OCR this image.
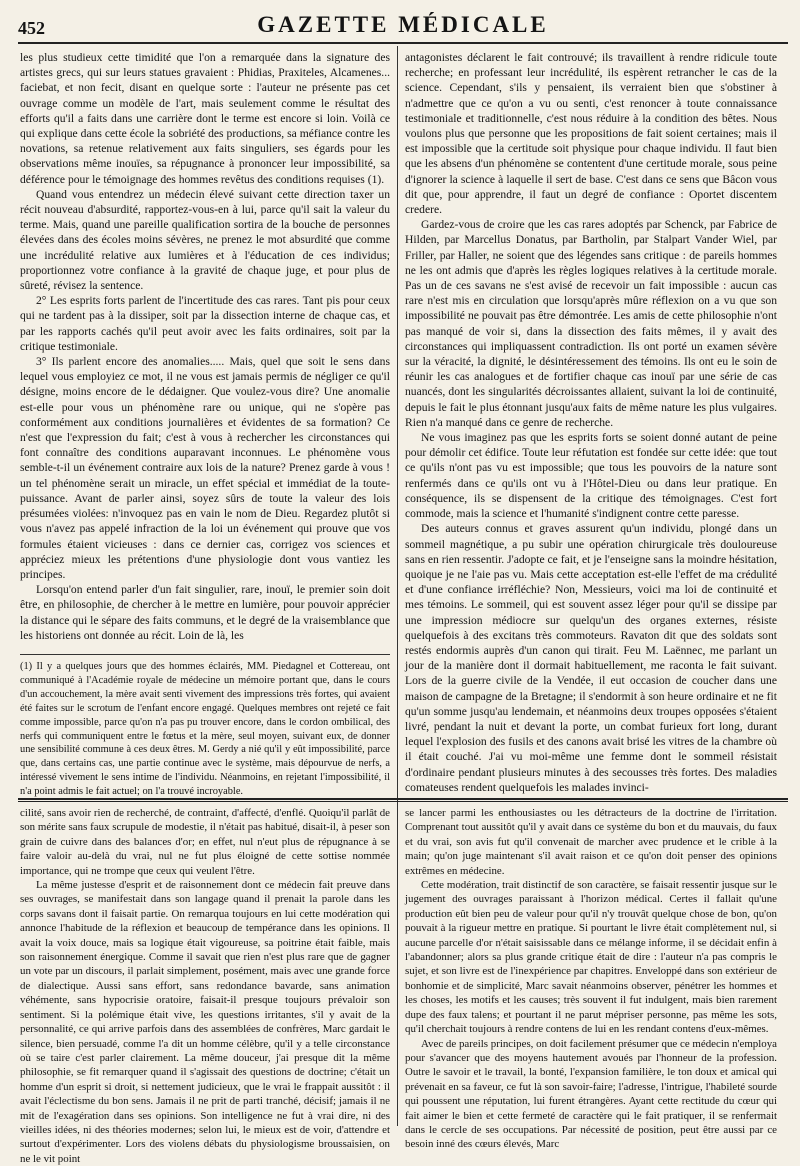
452	GAZETTE MÉDICALE

les plus studieux cette timidité que l'on a remarquée dans la signature des artistes grecs, qui sur leurs statues gravaient : Phidias, Praxiteles, Alcamenes... faciebat, et non fecit, disant en quelque sorte : l'auteur ne présente pas cet ouvrage comme un modèle de l'art, mais seulement comme le résultat des efforts qu'il a faits dans une carrière dont le terme est encore si loin. Voilà ce qui explique dans cette école la sobriété des productions, sa méfiance contre les novations, sa retenue relativement aux faits singuliers, ses égards pour les observations même inouïes, sa répugnance à prononcer leur impossibilité, sa déférence pour le témoignage des hommes revêtus des conditions requises (1).

Quand vous entendrez un médecin élevé suivant cette direction taxer un récit nouveau d'absurdité, rapportez-vous-en à lui, parce qu'il sait la valeur du terme. Mais, quand une pareille qualification sortira de la bouche de personnes élevées dans des écoles moins sévères, ne prenez le mot absurdité que comme une incrédulité relative aux lumières et à l'éducation de ces individus; proportionnez votre confiance à la gravité de chaque juge, et pour plus de sûreté, révisez la sentence.

2° Les esprits forts parlent de l'incertitude des cas rares. Tant pis pour ceux qui ne tardent pas à la dissiper, soit par la dissection interne de chaque cas, et par les rapports cachés qu'il peut avoir avec les faits ordinaires, soit par la critique testimoniale.

3° Ils parlent encore des anomalies..... Mais, quel que soit le sens dans lequel vous employiez ce mot, il ne vous est jamais permis de négliger ce qu'il désigne, moins encore de le dédaigner. Que voulez-vous dire? Une anomalie est-elle pour vous un phénomène rare ou unique, qui ne s'opère pas conformément aux conditions journalières et évidentes de sa formation? Ce n'est que l'expression du fait; c'est à vous à rechercher les circonstances qui font connaître des conditions auparavant inconnues. Le phénomène vous semble-t-il un événement contraire aux lois de la nature? Prenez garde à vous ! un tel phénomène serait un miracle, un effet spécial et immédiat de la toute-puissance. Avant de parler ainsi, soyez sûrs de toute la valeur des lois présumées violées: n'invoquez pas en vain le nom de Dieu. Regardez plutôt si vous n'avez pas appelé infraction de la loi un événement qui prouve que vos formules étaient vicieuses : dans ce dernier cas, corrigez vos sciences et appréciez mieux les prétentions d'une physiologie dont vous vantiez les principes.

Lorsqu'on entend parler d'un fait singulier, rare, inouï, le premier soin doit être, en philosophie, de chercher à le mettre en lumière, pour pouvoir apprécier la distance qui le sépare des faits communs, et le degré de la vraisemblance que les historiens ont donnée au récit. Loin de là, les

(1) Il y a quelques jours que des hommes éclairés, MM. Piedagnel et Cottereau, ont communiqué à l'Académie royale de médecine un mémoire portant que, dans le cours d'un accouchement, la mère avait senti vivement des impressions très fortes, qui avaient été faites sur le scrotum de l'enfant encore engagé. Quelques membres ont rejeté ce fait comme impossible, parce qu'on n'a pas pu trouver encore, dans le cordon ombilical, des nerfs qui communiquent entre le fœtus et la mère, seul moyen, suivant eux, de donner une sensibilité commune à ces deux êtres. M. Gerdy a nié qu'il y eût impossibilité, parce que, dans certains cas, une partie continue avec le système, mais dépourvue de nerfs, a intéressé vivement le sens intime de l'individu. Néanmoins, en rejetant l'impossibilité, il n'a point admis le fait actuel; on l'a trouvé incroyable.

antagonistes déclarent le fait controuvé; ils travaillent à rendre ridicule toute recherche; en professant leur incrédulité, ils espèrent retrancher le cas de la science. Cependant, s'ils y pensaient, ils verraient bien que s'obstiner à n'admettre que ce qu'on a vu ou senti, c'est renoncer à toute connaissance testimoniale et traditionnelle, c'est nous réduire à la condition des bêtes. Nous voulons plus que personne que les propositions de fait soient certaines; mais il est impossible que la certitude soit physique pour chaque individu. Il faut bien que les absens d'un phénomène se contentent d'une certitude morale, sous peine d'ignorer la science à laquelle il sert de base. C'est dans ce sens que Bâcon vous dit que, pour apprendre, il faut un degré de confiance : Oportet discentem credere.

Gardez-vous de croire que les cas rares adoptés par Schenck, par Fabrice de Hilden, par Marcellus Donatus, par Bartholin, par Stalpart Vander Wiel, par Friller, par Haller, ne soient que des légendes sans critique : de pareils hommes ne les ont admis que d'après les règles logiques relatives à la certitude morale. Pas un de ces savans ne s'est avisé de recevoir un fait impossible : aucun cas rare n'est mis en circulation que lorsqu'après mûre réflexion on a vu que son impossibilité ne pouvait pas être démontrée. Les amis de cette philosophie n'ont pas manqué de voir si, dans la dissection des faits mêmes, il y avait des circonstances qui impliquassent contradiction. Ils ont porté un examen sévère sur la véracité, la dignité, le désintéressement des témoins. Ils ont eu le soin de réunir les cas analogues et de fortifier chaque cas inouï par une série de cas nuancés, dont les singularités décroissantes allaient, suivant la loi de continuité, depuis le fait le plus étonnant jusqu'aux faits de même nature les plus vulgaires. Rien n'a manqué dans ce genre de recherche.

Ne vous imaginez pas que les esprits forts se soient donné autant de peine pour démolir cet édifice. Toute leur réfutation est fondée sur cette idée: que tout ce qu'ils n'ont pas vu est impossible; que tous les pouvoirs de la nature sont renfermés dans ce qu'ils ont vu à l'Hôtel-Dieu ou dans leur pratique. En conséquence, ils se dispensent de la critique des témoignages. C'est fort commode, mais la science et l'humanité s'indignent contre cette paresse.

Des auteurs connus et graves assurent qu'un individu, plongé dans un sommeil magnétique, a pu subir une opération chirurgicale très douloureuse sans en rien ressentir. J'adopte ce fait, et je l'enseigne sans la moindre hésitation, quoique je ne l'aie pas vu. Mais cette acceptation est-elle l'effet de ma crédulité et d'une confiance irréfléchie? Non, Messieurs, voici ma loi de continuité et mes témoins. Le sommeil, qui est souvent assez léger pour qu'il se dissipe par une impression médiocre sur quelqu'un des organes externes, résiste quelquefois à des excitans très commoteurs. Ravaton dit que des soldats sont restés endormis auprès d'un canon qui tirait. Feu M. Laënnec, me parlant un jour de la manière dont il dormait habituellement, me raconta le fait suivant. Lors de la guerre civile de la Vendée, il eut occasion de coucher dans une maison de campagne de la Bretagne; il s'endormit à son heure ordinaire et ne fit qu'un somme jusqu'au lendemain, et néanmoins deux troupes opposées s'étaient livré, pendant la nuit et devant la porte, un combat furieux fort long, durant lequel l'explosion des fusils et des canons avait brisé les vitres de la chambre où il était couché. J'ai vu moi-même une femme dont le sommeil résistait d'ordinaire pendant plusieurs minutes à des secousses très fortes. Des maladies comateuses rendent quelquefois les malades invinci-

cilité, sans avoir rien de recherché, de contraint, d'affecté, d'enflé. Quoiqu'il parlât de son mérite sans faux scrupule de modestie, il n'était pas habitué, disait-il, à peser son grain de cuivre dans des balances d'or; en effet, nul n'eut plus de répugnance à se faire valoir au-delà du vrai, nul ne fut plus éloigné de cette sottise nommée importance, qui ne trompe que ceux qui veulent l'être.

La même justesse d'esprit et de raisonnement dont ce médecin fait preuve dans ses ouvrages, se manifestait dans son langage quand il prenait la parole dans les corps savans dont il faisait partie. On remarqua toujours en lui cette modération qui annonce l'habitude de la réflexion et beaucoup de tempérance dans les opinions. Il avait la voix douce, mais sa logique était vigoureuse, sa poitrine était faible, mais son raisonnement énergique. Comme il savait que rien n'est plus rare que de gagner un vote par un discours, il parlait simplement, posément, mais avec une grande force de dialectique. Aussi sans effort, sans redondance bavarde, sans animation véhémente, sans hypocrisie oratoire, faisait-il presque toujours prévaloir son sentiment. Si la polémique était vive, les questions irritantes, s'il y avait de la personnalité, ce qui arrive parfois dans des assemblées de confrères, Marc gardait le silence, bien persuadé, comme l'a dit un homme célèbre, qu'il y a telle circonstance où se taire c'est parler clairement. La même douceur, j'ai presque dit la même philosophie, se fit remarquer quand il s'agissait des questions de doctrine; c'était un homme d'un esprit si droit, si nettement judicieux, que le vrai le frappait aussitôt : il avait l'éclectisme du bon sens. Jamais il ne prit de parti tranché, décisif; jamais il ne mit de l'exagération dans ses opinions. Son intelligence ne fut à vrai dire, ni des vieilles idées, ni des théories modernes; selon lui, le mieux est de voir, d'attendre et surtout d'expérimenter. Lors des violens débats du physiologisme broussaisien, on ne le vit point

se lancer parmi les enthousiastes ou les détracteurs de la doctrine de l'irritation. Comprenant tout aussitôt qu'il y avait dans ce système du bon et du mauvais, du faux et du vrai, son avis fut qu'il convenait de marcher avec prudence et le crible à la main; qu'on juge maintenant s'il avait raison et ce qu'on doit penser des opinions extrêmes en médecine.

Cette modération, trait distinctif de son caractère, se faisait ressentir jusque sur le jugement des ouvrages paraissant à l'horizon médical. Certes il fallait qu'une production eût bien peu de valeur pour qu'il n'y trouvât quelque chose de bon, qu'on pouvait à la rigueur mettre en pratique. Si pourtant le livre était complètement nul, si aucune parcelle d'or n'était saisissable dans ce mélange informe, il se décidait enfin à l'abandonner; alors sa plus grande critique était de dire : l'auteur n'a pas compris le sujet, et son livre est de l'inexpérience par chapitres. Enveloppé dans son extérieur de bonhomie et de simplicité, Marc savait néanmoins observer, pénétrer les hommes et les choses, les motifs et les causes; très souvent il fut indulgent, mais bien rarement dupe des faux talens; et pourtant il ne parut mépriser personne, pas même les sots, qu'il cherchait toujours à rendre contens de lui en les rendant contens d'eux-mêmes.

Avec de pareils principes, on doit facilement présumer que ce médecin n'employa pour s'avancer que des moyens hautement avoués par l'honneur de la profession. Outre le savoir et le travail, la bonté, l'expansion familière, le ton doux et amical qui prévenait en sa faveur, ce fut là son savoir-faire; l'adresse, l'intrigue, l'habileté sourde qui poussent une réputation, lui furent étrangères. Ayant cette rectitude du cœur qui fait aimer le bien et cette fermeté de caractère qui le fait pratiquer, il se renfermait dans le cercle de ses occupations. Par nécessité de position, peut être aussi par ce besoin inné des cœurs élevés, Marc
